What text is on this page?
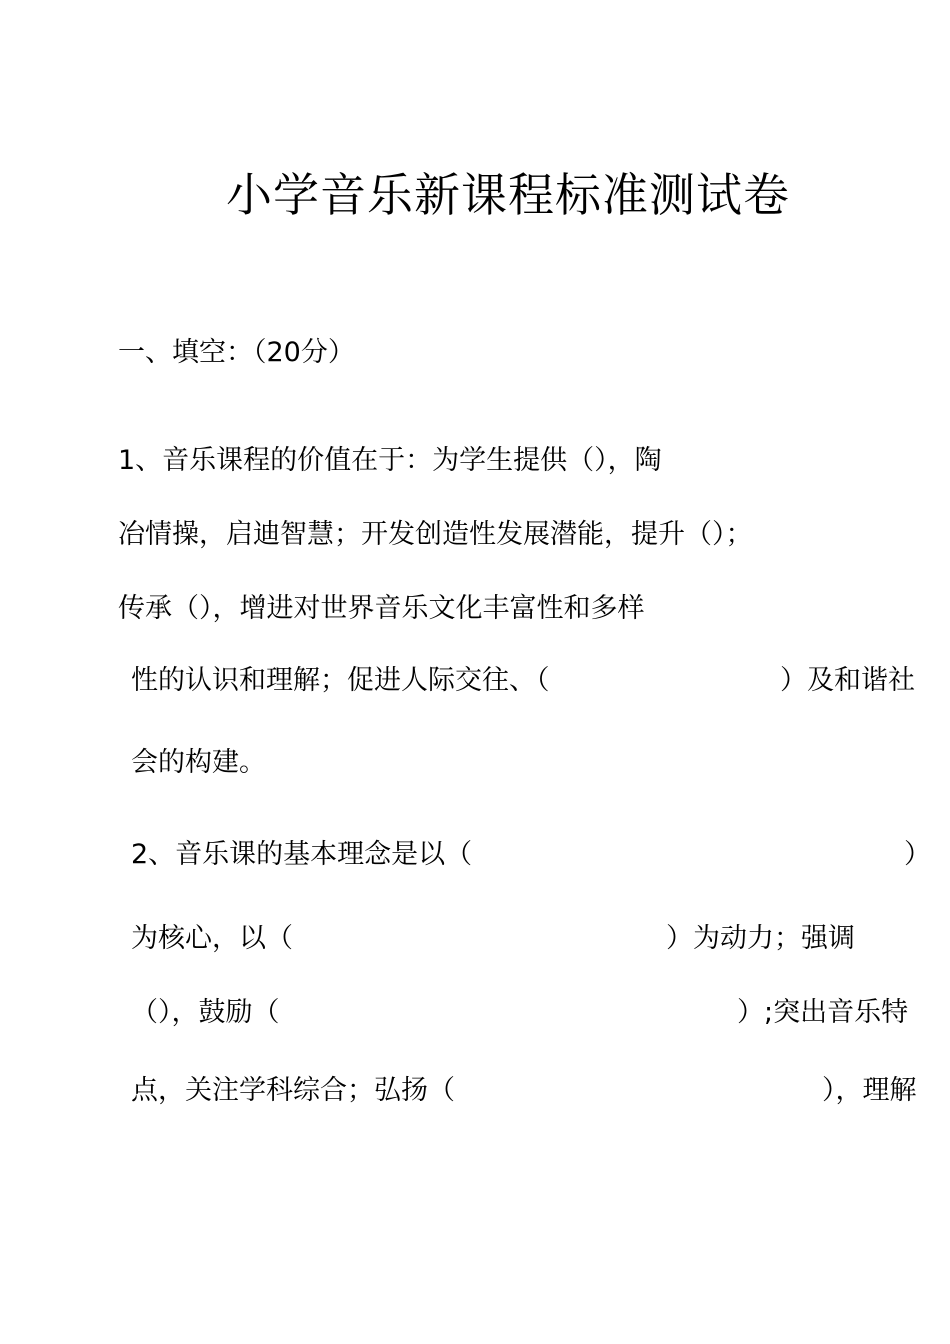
小学音乐新课程标准测试卷
一、填空：（20分）
1、音乐课程的价值在于：为学生提供（），陶
冶情操，启迪智慧；开发创造性发展潜能，提升（）；
传承（），增进对世界音乐文化丰富性和多样
性的认识和理解；促进人际交往、（	）及和谐社
会的构建。
2、音乐课的基本理念是以（	）
为核心，以（	）为动力；强调
（），鼓励（	）;突出音乐特
点，关注学科综合；弘扬（	），理解
